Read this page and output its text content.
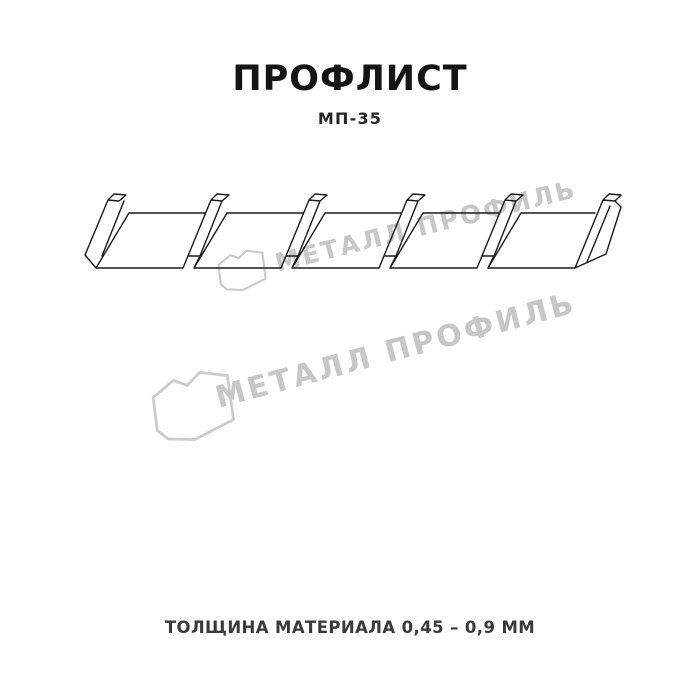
МЕТАЛЛ ПРОФИЛЬ
МЕТАЛЛ ПРОФИЛЬ
ПРОФЛИСТ
МП-35
ТОЛЩИНА МАТЕРИАЛА 0,45 – 0,9 ММ
